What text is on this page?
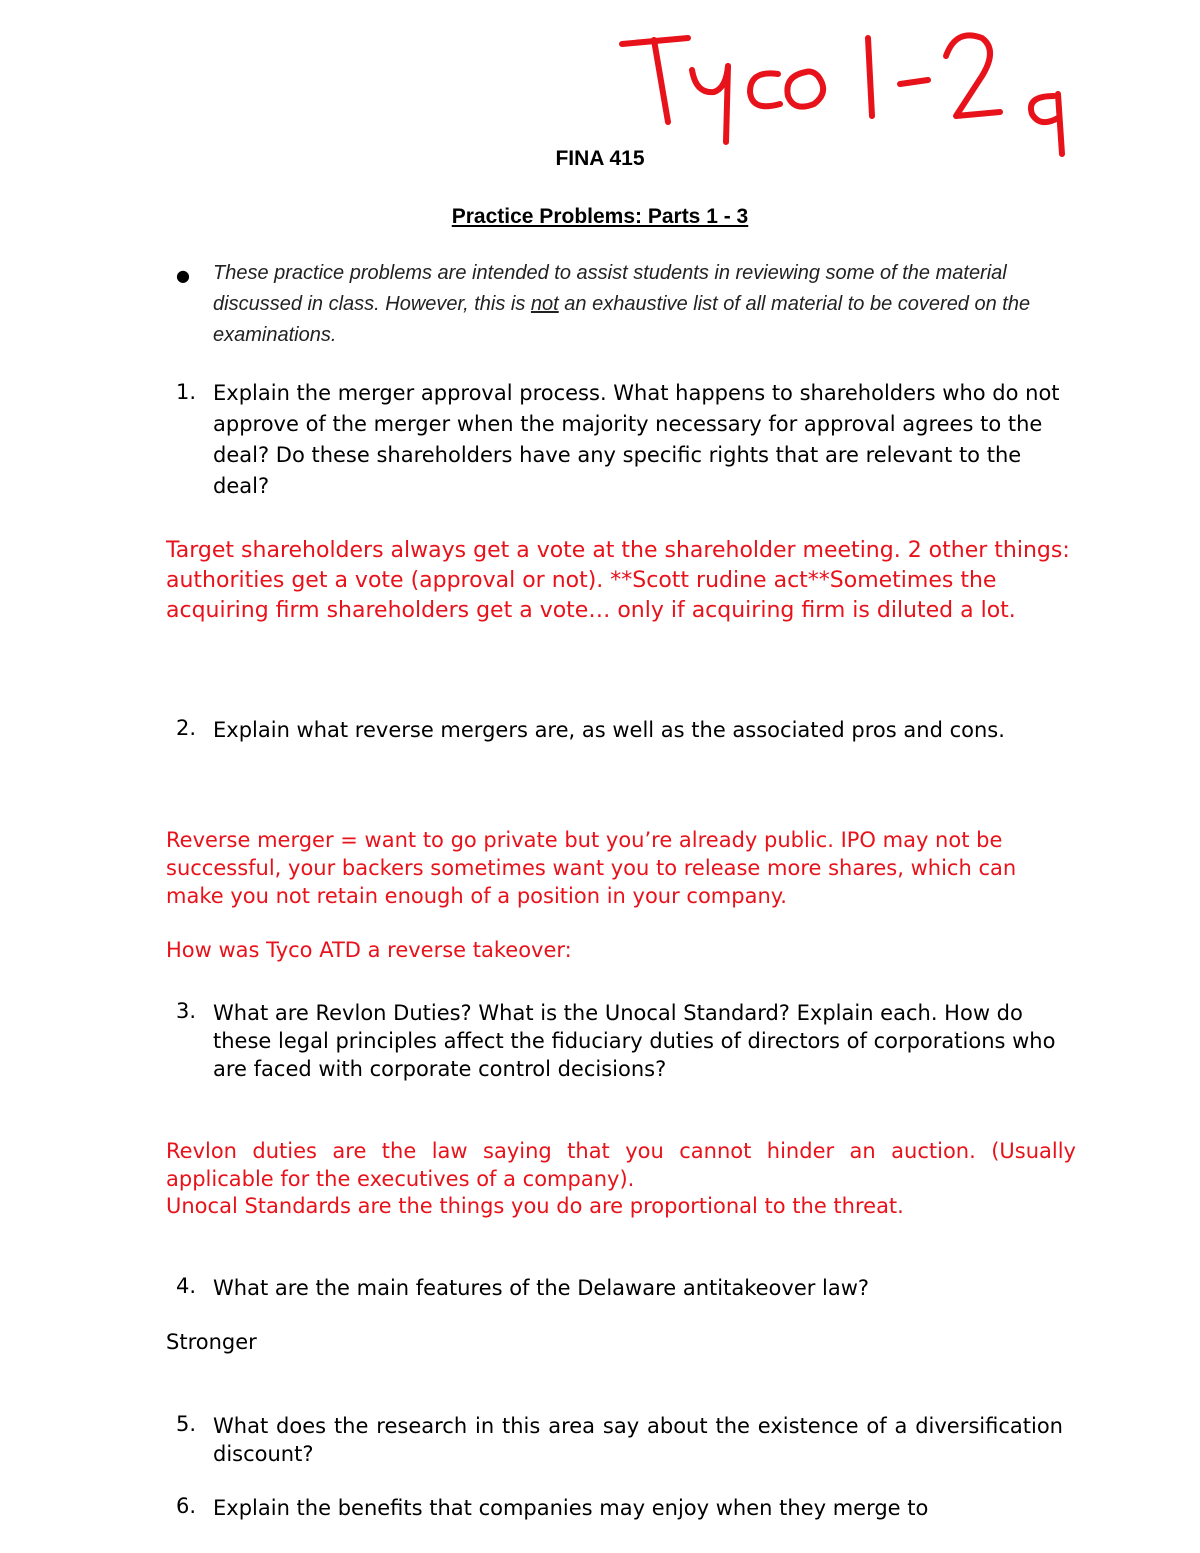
FINA 415
Practice Problems: Parts 1 - 3
● These practice problems are intended to assist students in reviewing some of the material discussed in class. However, this is not an exhaustive list of all material to be covered on the examinations.
1. Explain the merger approval process. What happens to shareholders who do not approve of the merger when the majority necessary for approval agrees to the deal? Do these shareholders have any specific rights that are relevant to the deal?
Target shareholders always get a vote at the shareholder meeting. 2 other things: authorities get a vote (approval or not). **Scott rudine act**Sometimes the acquiring firm shareholders get a vote… only if acquiring firm is diluted a lot.
2. Explain what reverse mergers are, as well as the associated pros and cons.
Reverse merger = want to go private but you’re already public. IPO may not be successful, your backers sometimes want you to release more shares, which can make you not retain enough of a position in your company.
How was Tyco ATD a reverse takeover:
3. What are Revlon Duties? What is the Unocal Standard? Explain each. How do these legal principles affect the fiduciary duties of directors of corporations who are faced with corporate control decisions?
Revlon duties are the law saying that you cannot hinder an auction. (Usually applicable for the executives of a company).
Unocal Standards are the things you do are proportional to the threat.
4. What are the main features of the Delaware antitakeover law?
Stronger
5. What does the research in this area say about the existence of a diversification discount?
6. Explain the benefits that companies may enjoy when they merge to
